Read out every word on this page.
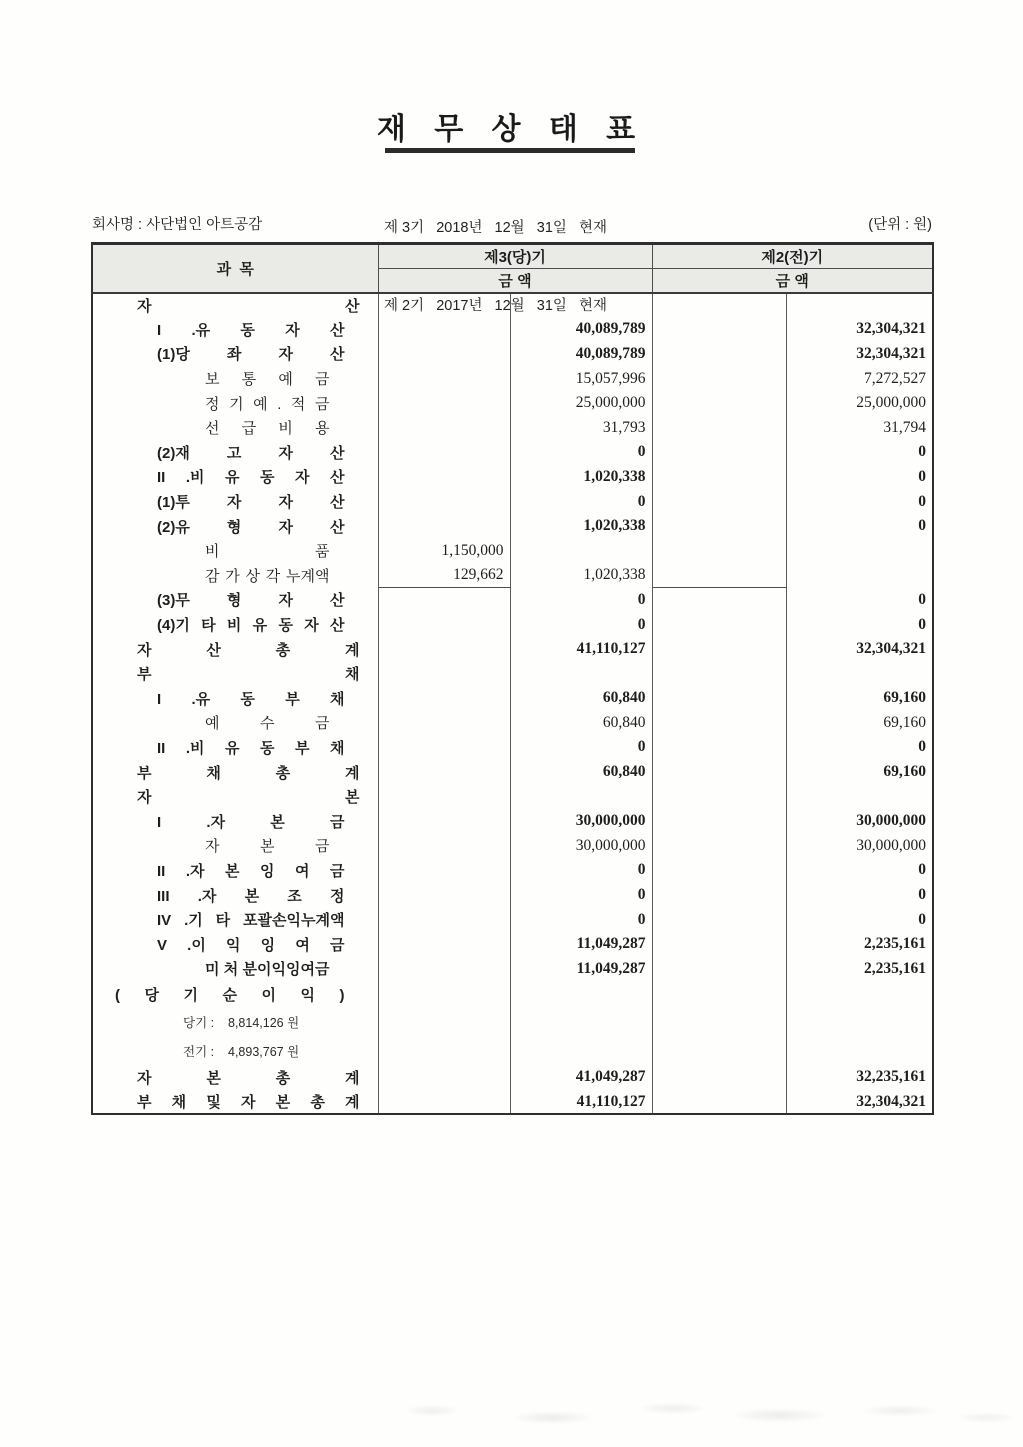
재 무 상 태 표

제 3기   2018년   12월   31일   현재

제 2기   2017년   12월   31일   현재

회사명 : 사단법인 아트공감	(단위 : 원)
과  목	제3(당)기		제2(전)기	
	금 액		금 액	
자 산				
I .유 동 자 산		40,089,789		32,304,321
(1)당 좌 자 산		40,089,789		32,304,321
보 통 예 금		15,057,996		7,272,527
정 기 예 . 적 금		25,000,000		25,000,000
선 급 비 용		31,793		31,794
(2)재 고 자 산		0		0
II .비 유 동 자 산		1,020,338		0
(1)투 자 자 산		0		0
(2)유 형 자 산		1,020,338		0
비 품	1,150,000			
감 가 상 각 누계액	129,662	1,020,338		
(3)무 형 자 산		0		0
(4)기 타 비 유 동 자 산		0		0
자 산 총 계		41,110,127		32,304,321
부 채				
I .유 동 부 채		60,840		69,160
예 수 금		60,840		69,160
II .비 유 동 부 채		0		0
부 채 총 계		60,840		69,160
자 본				
I .자 본 금		30,000,000		30,000,000
자 본 금		30,000,000		30,000,000
II .자 본 잉 여 금		0		0
III .자 본 조 정		0		0
IV .기 타 포괄손익누계액		0		0
V .이 익 잉 여 금		11,049,287		2,235,161
미 처 분이익잉여금		11,049,287		2,235,161
( 당 기 순 이 익 )				
당기 :    8,814,126 원				
전기 :    4,893,767 원				
자 본 총 계		41,049,287		32,235,161
부 채 및 자 본 총 계		41,110,127		32,304,321
